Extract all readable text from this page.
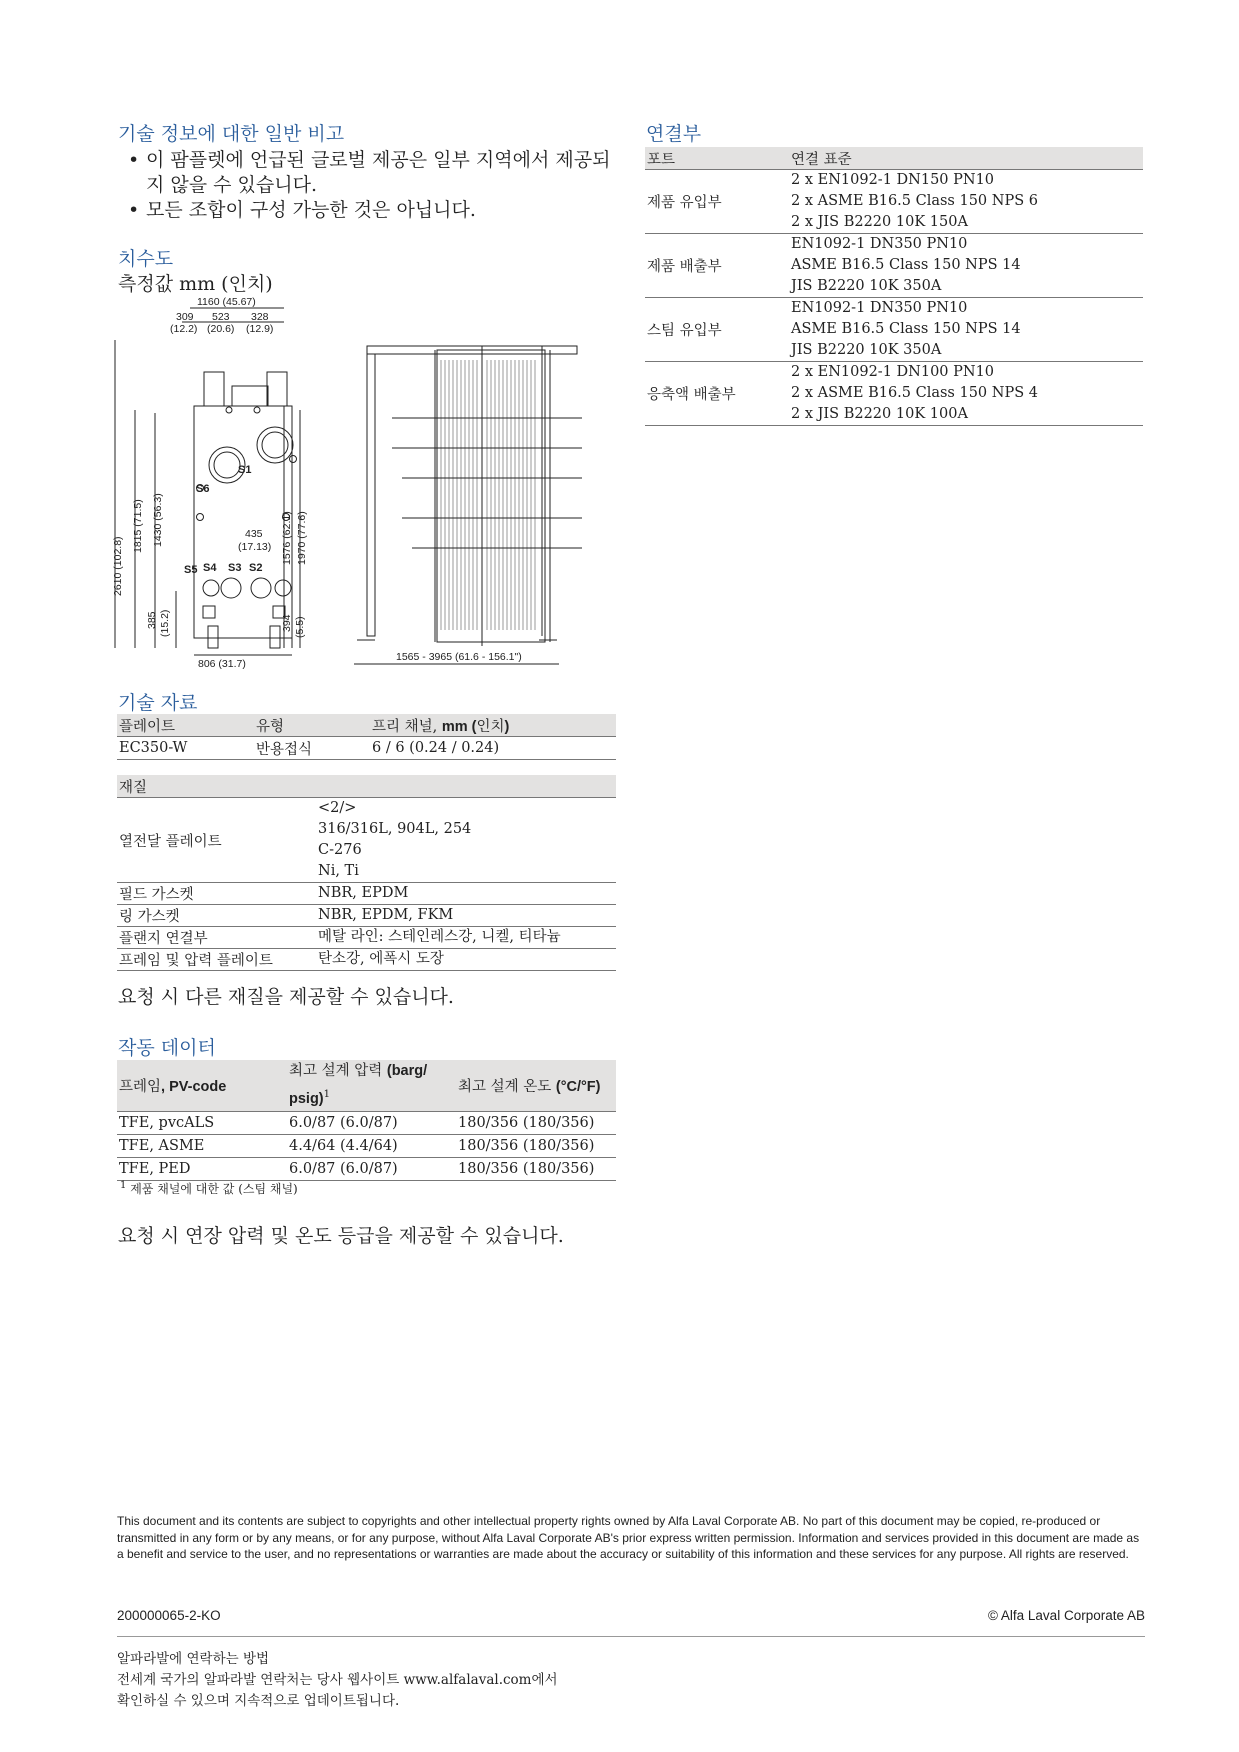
기술 정보에 대한 일반 비고
• 이 팜플렛에 언급된 글로벌 제공은 일부 지역에서 제공되지 않을 수 있습니다.
• 모든 조합이 구성 가능한 것은 아닙니다.
치수도
측정값 mm (인치)
1160 (45.67)
309
(12.2)
523
(20.6)
328
(12.9)
2610 (102.8)
1815 (71.5) 1430 (56.3)
385 (15.2)
435
(17.13) 1576 (62.1) 1970 (77.6)
394 (5.5)
806 (31.7)
1565 - 3965 (61.6 - 156.1")
S1
S6
S2
S3
S4
S5
연결부
포트	연결 표준
제품 유입부	2 x EN1092-1 DN150 PN10
2 x ASME B16.5 Class 150 NPS 6
2 x JIS B2220 10K 150A

제품 배출부	EN1092-1 DN350 PN10
ASME B16.5 Class 150 NPS 14
JIS B2220 10K 350A

스팀 유입부	EN1092-1 DN350 PN10
ASME B16.5 Class 150 NPS 14
JIS B2220 10K 350A

응축액 배출부	2 x EN1092-1 DN100 PN10
2 x ASME B16.5 Class 150 NPS 4
2 x JIS B2220 10K 100A
기술 자료
플레이트	유형	프리 채널, mm (인치)
EC350-W	반용접식	6 / 6 (0.24 / 0.24)
재질	
열전달 플레이트	<2/>
316/316L, 904L, 254
C-276
Ni, Ti

필드 가스켓	NBR, EPDM

링 가스켓	NBR, EPDM, FKM

플랜지 연결부	메탈 라인: 스테인레스강, 니켈, 티타늄

프레임 및 압력 플레이트	탄소강, 에폭시 도장
요청 시 다른 재질을 제공할 수 있습니다.
작동 데이터
프레임, PV-code	최고 설계 압력 (barg/
psig)$^1$	최고 설계 온도 (°C/°F)
TFE, pvcALS	6.0/87 (6.0/87)	180/356 (180/356)
TFE, ASME	4.4/64 (4.4/64)	180/356 (180/356)
TFE, PED	6.0/87 (6.0/87)	180/356 (180/356)
$^1$ 제품 채널에 대한 값 (스팀 채널)
요청 시 연장 압력 및 온도 등급을 제공할 수 있습니다.
This document and its contents are subject to copyrights and other intellectual property rights owned by Alfa Laval Corporate AB. No part of this document may be copied, re-produced or transmitted in any form or by any means, or for any purpose, without Alfa Laval Corporate AB's prior express written permission. Information and services provided in this document are made as a benefit and service to the user, and no representations or warranties are made about the accuracy or suitability of this information and these services for any purpose. All rights are reserved.
200000065-2-KO	© Alfa Laval Corporate AB
알파라발에 연락하는 방법
전세계 국가의 알파라발 연락처는 당사 웹사이트 www.alfalaval.com에서
확인하실 수 있으며 지속적으로 업데이트됩니다.
